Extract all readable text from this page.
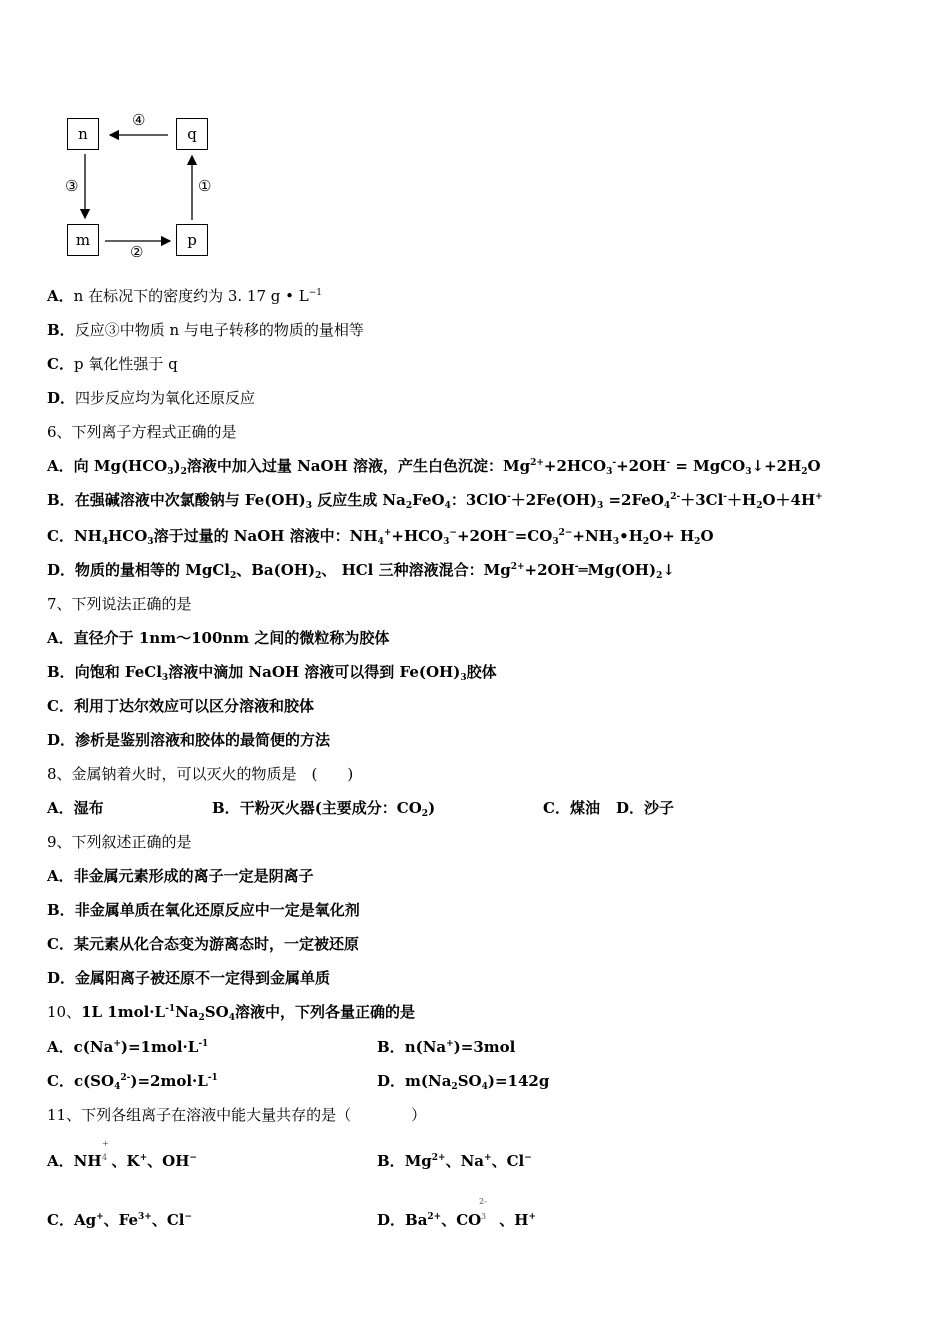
n	q
m	p
④
③
②
①
A．n 在标况下的密度约为 3. 17 g • $L^{-1}$
B．反应③中物质 n 与电子转移的物质的量相等
C．p 氧化性强于 q
D．四步反应均为氧化还原反应
6、下列离子方程式正确的是
A．向 $Mg(HCO_3)_2$溶液中加入过量 NaOH 溶液，产生白色沉淀：$Mg^{2+}+2HCO_3^-+2OH^-$ = $MgCO_3↓+2H_2O$
B．在强碱溶液中次氯酸钠与 $Fe(OH)_3$ 反应生成 $Na_2FeO_4$：$3ClO^-+2Fe(OH)_3 =2FeO_4^{2-}+3Cl^-+H_2O+4H^+$
C．$NH_4HCO_3$溶于过量的 NaOH 溶液中：$NH_4^++HCO_3^-+2OH^-=CO_3^{2-}+NH_3•H_2O+ H_2O$
D．物质的量相等的 MgCl$_2$、$Ba(OH)_2$、 HCl 三种溶液混合：$Mg^{2+}+2OH^-═Mg(OH)_2↓$
7、下列说法正确的是
A．直径介于 1nm～100nm 之间的微粒称为胶体
B．向饱和 FeCl$_3$溶液中滴加 NaOH 溶液可以得到 $Fe(OH)_3$胶体
C．利用丁达尔效应可以区分溶液和胶体
D．渗析是鉴别溶液和胶体的最简便的方法
8、金属钠着火时，可以灭火的物质是　(　　)
A．湿布	B．干粉灭火器(主要成分：$CO_2$)	C．煤油 D．沙子
9、下列叙述正确的是
A．非金属元素形成的离子一定是阴离子
B．非金属单质在氧化还原反应中一定是氧化剂
C．某元素从化合态变为游离态时，一定被还原
D．金属阳离子被还原不一定得到金属单质
10、1L $1mol\cdot L^{-1}Na_2SO_4$溶液中，下列各量正确的是
A．$c(Na^+)=1mol\cdot L^{-1}$	B．n(Na+)=3mol
C．$c(SO_4^{2-})=2mol\cdot L^{-1}$	D．$m(Na_2SO_4)=142g$
11、下列各组离子在溶液中能大量共存的是（　　　　）
A．NH 、K+、OH−
+
4	B．$Mg^{2+}$、Na+、Cl−
C．Ag+、$Fe^{3+}$、Cl−	D．$Ba^{2+}$、CO 、H+
2-
3
